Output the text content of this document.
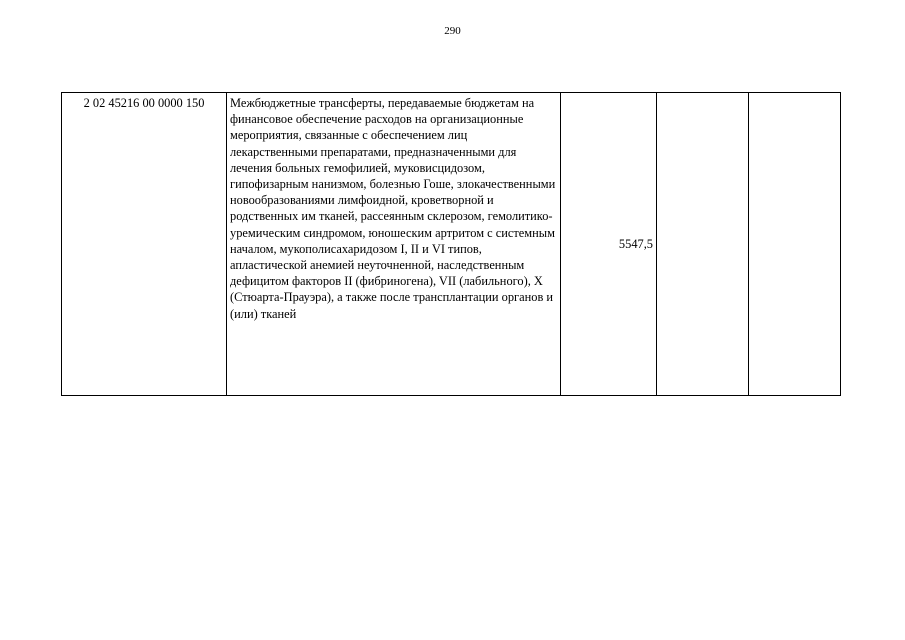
290
2 02 45216 00 0000 150	Межбюджетные трансферты, передаваемые бюджетам на финансовое обеспечение расходов на организационные мероприятия, связанные с обеспечением лиц лекарственными препаратами, предназначенными для лечения больных гемофилией, муковисцидозом, гипофизарным нанизмом, болезнью Гоше, злокачественными новообразованиями лимфоидной, кроветворной и родственных им тканей, рассеянным склерозом, гемолитико-уремическим синдромом, юношеским артритом с системным началом, мукополисахаридозом I, II и VI типов, апластической анемией неуточненной, наследственным дефицитом факторов II (фибриногена), VII (лабильного), X (Стюарта-Прауэра), а также после трансплантации органов и (или) тканей	5547,5		
